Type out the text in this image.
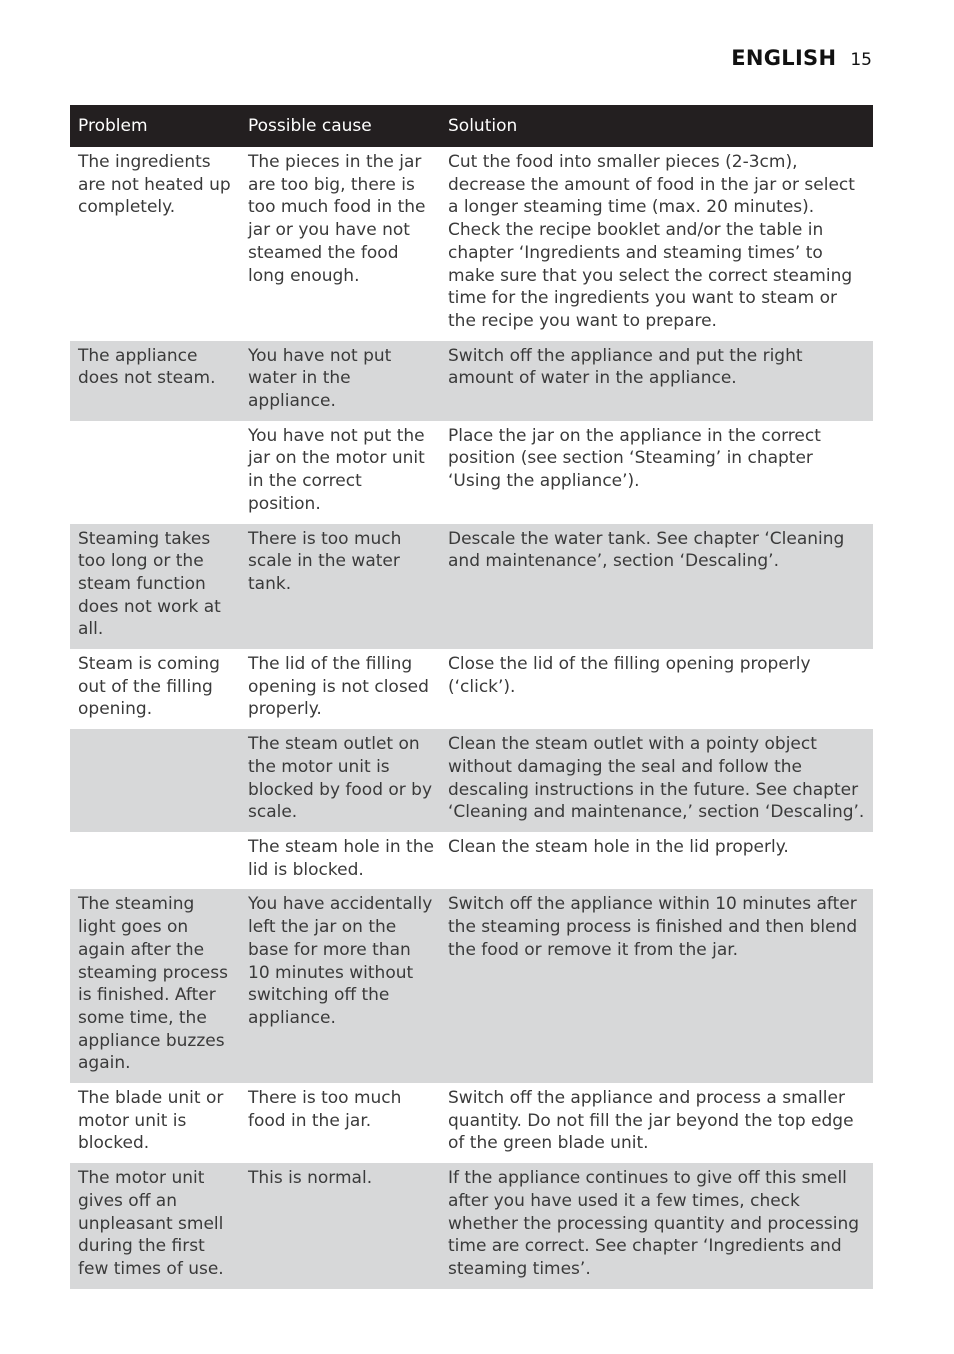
ENGLISH 15
Problem	Possible cause	Solution
The ingredients are not heated up completely.	The pieces in the jar are too big, there is too much food in the jar or you have not steamed the food long enough.	Cut the food into smaller pieces (2-3cm), decrease the amount of food in the jar or select a longer steaming time (max. 20 minutes). Check the recipe booklet and/or the table in chapter ‘Ingredients and steaming times’ to make sure that you select the correct steaming time for the ingredients you want to steam or the recipe you want to prepare.
The appliance does not steam.	You have not put water in the appliance.	Switch off the appliance and put the right amount of water in the appliance.
	You have not put the jar on the motor unit in the correct position.	Place the jar on the appliance in the correct position (see section ‘Steaming’ in chapter ‘Using the appliance’).
Steaming takes too long or the steam function does not work at all.	There is too much scale in the water tank.	Descale the water tank. See chapter ‘Cleaning and maintenance’, section ‘Descaling’.
Steam is coming out of the filling opening.	The lid of the filling opening is not closed properly.	Close the lid of the filling opening properly (‘click’).
	The steam outlet on the motor unit is blocked by food or by scale.	Clean the steam outlet with a pointy object without damaging the seal and follow the descaling instructions in the future. See chapter ‘Cleaning and maintenance,’ section ‘Descaling’.
	The steam hole in the lid is blocked.	Clean the steam hole in the lid properly.
The steaming light goes on again after the steaming process is finished. After some time, the appliance buzzes again.	You have accidentally left the jar on the base for more than 10 minutes without switching off the appliance.	Switch off the appliance within 10 minutes after the steaming process is finished and then blend the food or remove it from the jar.
The blade unit or motor unit is blocked.	There is too much food in the jar.	Switch off the appliance and process a smaller quantity. Do not fill the jar beyond the top edge of the green blade unit.
The motor unit gives off an unpleasant smell during the first few times of use.	This is normal.	If the appliance continues to give off this smell after you have used it a few times, check whether the processing quantity and processing time are correct. See chapter ‘Ingredients and steaming times’.
